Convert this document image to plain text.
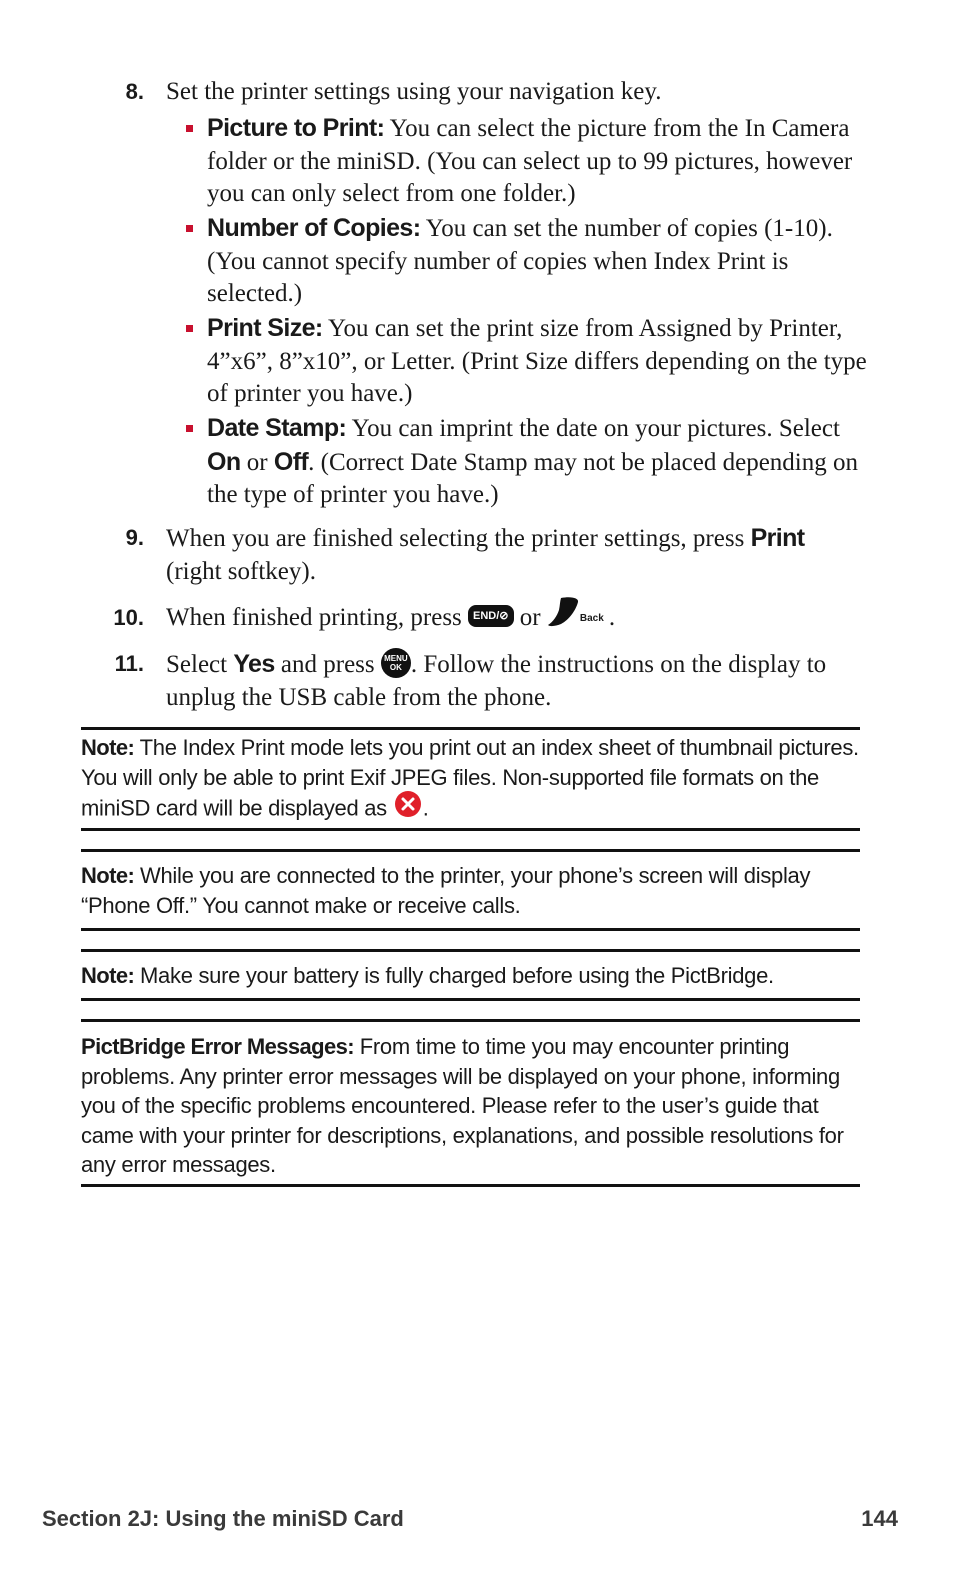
8. Set the printer settings using your navigation key.
Picture to Print: You can select the picture from the In Camera folder or the miniSD. (You can select up to 99 pictures, however you can only select from one folder.)
Number of Copies: You can set the number of copies (1-10). (You cannot specify number of copies when Index Print is selected.)
Print Size: You can set the print size from Assigned by Printer, 4”x6”, 8”x10”, or Letter. (Print Size differs depending on the type of printer you have.)
Date Stamp: You can imprint the date on your pictures. Select On or Off. (Correct Date Stamp may not be placed depending on the type of printer you have.)
9. When you are finished selecting the printer settings, press Print (right softkey).
10. When finished printing, press END/⊘ or	Back .
11. Select Yes and press MENU
OK . Follow the instructions on the display to unplug the USB cable from the phone.
Note: The Index Print mode lets you print out an index sheet of thumbnail pictures. You will only be able to print Exif JPEG files. Non-supported file formats on the miniSD card will be displayed as .
Note: While you are connected to the printer, your phone’s screen will display “Phone Off.” You cannot make or receive calls.
Note: Make sure your battery is fully charged before using the PictBridge.
PictBridge Error Messages: From time to time you may encounter printing problems. Any printer error messages will be displayed on your phone, informing you of the specific problems encountered. Please refer to the user’s guide that came with your printer for descriptions, explanations, and possible resolutions for any error messages.
Section 2J: Using the miniSD Card	144
